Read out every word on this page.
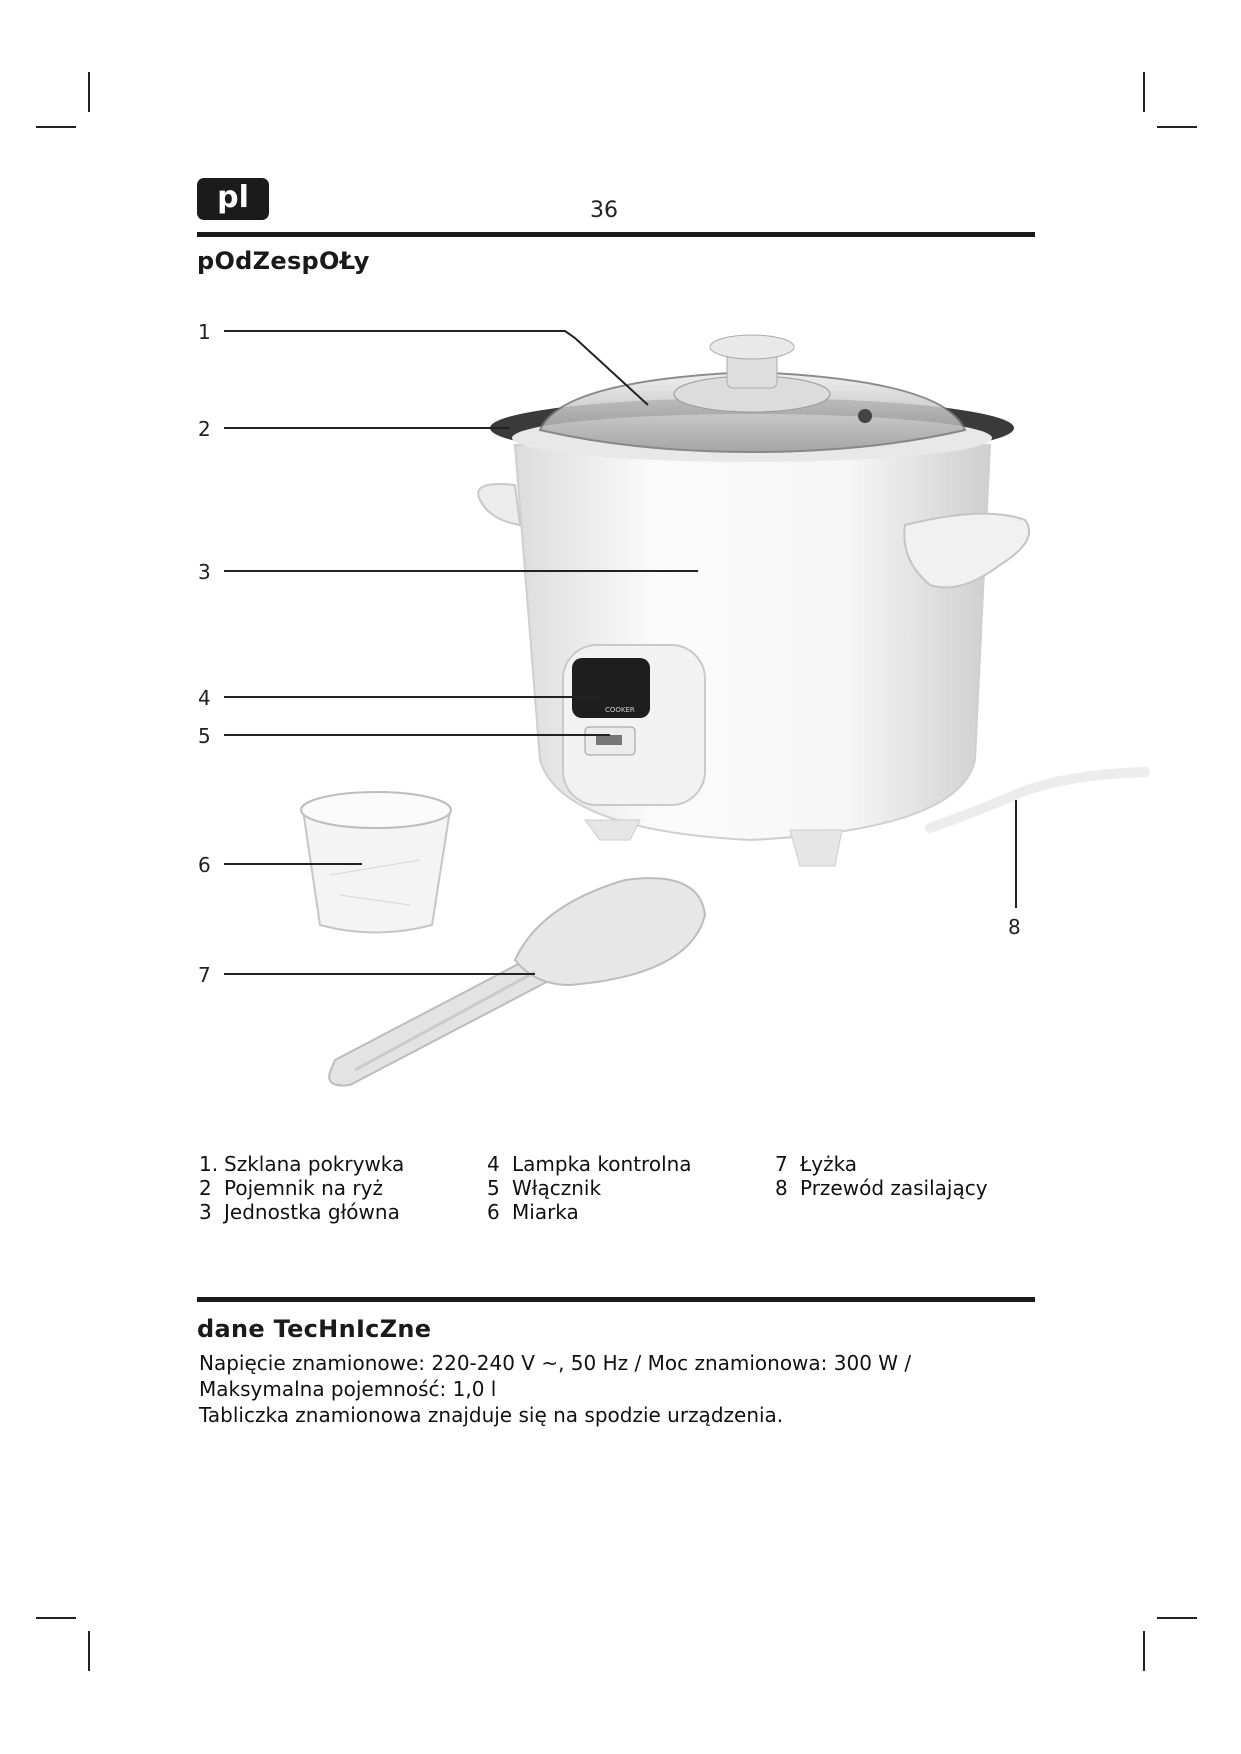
pl	36
pOdZespOŁy
COOKER
1
2
3
4
5
6
7
8
1. Szklana pokrywka
2 Pojemnik na ryż
3 Jednostka główna
4 Lampka kontrolna
5 Włącznik
6 Miarka
7 Łyżka
8 Przewód zasilający
dane TecHnIcZne
Napięcie znamionowe: 220-240 V ~, 50 Hz / Moc znamionowa: 300 W /
Maksymalna pojemność: 1,0 l
Tabliczka znamionowa znajduje się na spodzie urządzenia.
